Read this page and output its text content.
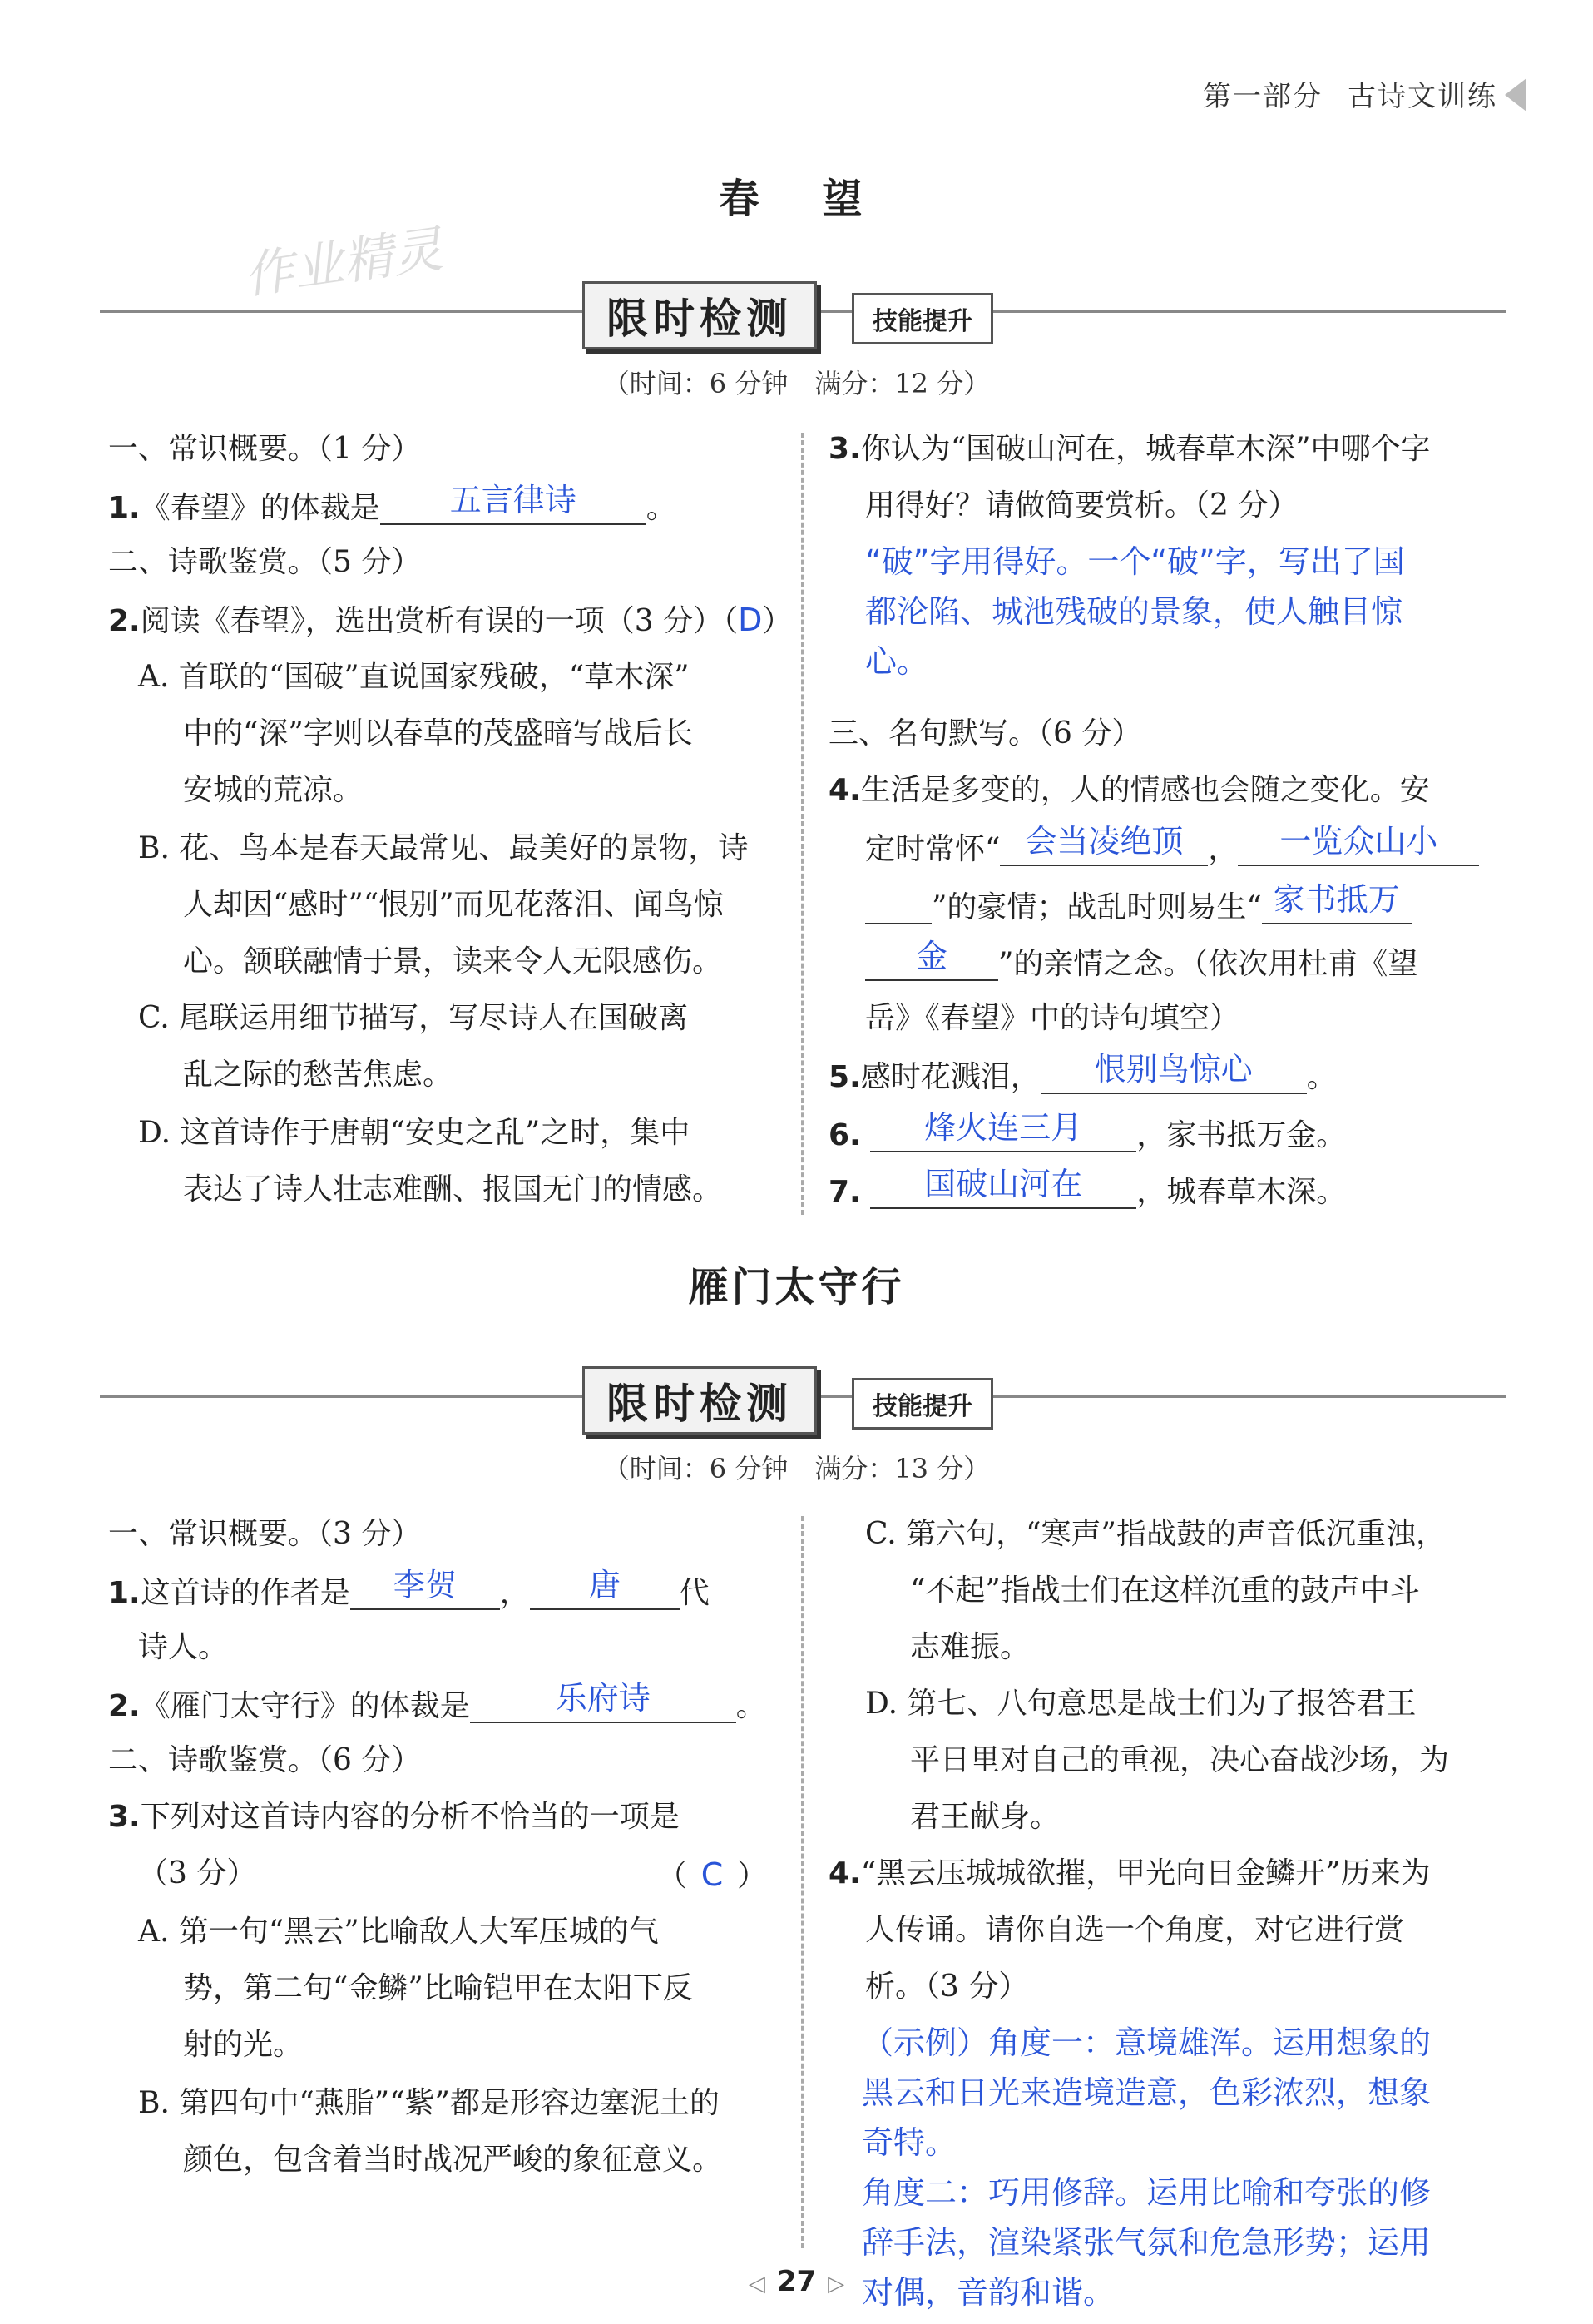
第一部分 古诗文训练
春　望
作业精灵
限时检测	技能提升
（时间：6 分钟　满分：12 分）
一、常识概要。（1 分）
1.《春望》的体裁是 五言律诗 。
二、诗歌鉴赏。（5 分）
2.阅读《春望》，选出赏析有误的一项（3 分）（D）
A. 首联的“国破”直说国家残破，“草木深”
中的“深”字则以春草的茂盛暗写战后长
安城的荒凉。
B. 花、鸟本是春天最常见、最美好的景物，诗
人却因“感时”“恨别”而见花落泪、闻鸟惊
心。颔联融情于景，读来令人无限感伤。
C. 尾联运用细节描写，写尽诗人在国破离
乱之际的愁苦焦虑。
D. 这首诗作于唐朝“安史之乱”之时，集中
表达了诗人壮志难酬、报国无门的情感。
3.你认为“国破山河在，城春草木深”中哪个字
用得好？请做简要赏析。（2 分）
“破”字用得好。一个“破”字，写出了国
都沦陷、城池残破的景象，使人触目惊
心。
三、名句默写。（6 分）
4.生活是多变的，人的情感也会随之变化。安
定时常怀“ 会当凌绝顶 ， 一览众山小
”的豪情；战乱时则易生“ 家书抵万
金 ”的亲情之念。（依次用杜甫《望
岳》《春望》中的诗句填空）
5.感时花溅泪， 恨别鸟惊心 。
6. 烽火连三月 ，家书抵万金。
7. 国破山河在 ，城春草木深。
雁门太守行
限时检测	技能提升
（时间：6 分钟　满分：13 分）
一、常识概要。（3 分）
1.这首诗的作者是 李贺 ， 唐 代
诗人。
2.《雁门太守行》的体裁是	乐府诗	。
二、诗歌鉴赏。（6 分）
3.下列对这首诗内容的分析不恰当的一项是
（3 分）	（ C ）
A. 第一句“黑云”比喻敌人大军压城的气
势，第二句“金鳞”比喻铠甲在太阳下反
射的光。
B. 第四句中“燕脂”“紫”都是形容边塞泥土的
颜色，包含着当时战况严峻的象征意义。
C. 第六句，“寒声”指战鼓的声音低沉重浊，
“不起”指战士们在这样沉重的鼓声中斗
志难振。
D. 第七、八句意思是战士们为了报答君王
平日里对自己的重视，决心奋战沙场，为
君王献身。
4.“黑云压城城欲摧，甲光向日金鳞开”历来为
人传诵。请你自选一个角度，对它进行赏
析。（3 分）
（示例）角度一：意境雄浑。运用想象的
黑云和日光来造境造意，色彩浓烈，想象
奇特。
角度二：巧用修辞。运用比喻和夸张的修
辞手法，渲染紧张气氛和危急形势；运用
对偶，音韵和谐。
◁ 27 ▷
